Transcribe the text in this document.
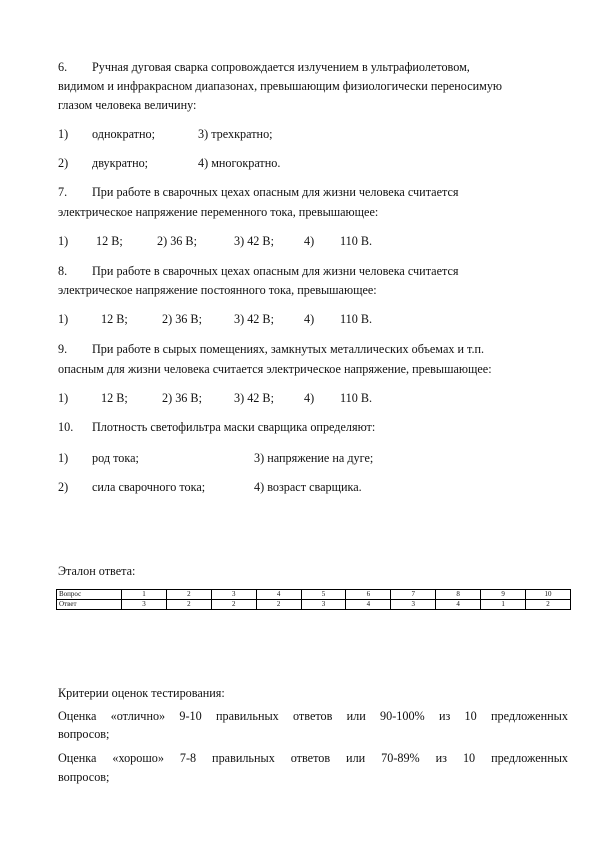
6. Ручная дуговая сварка сопровождается излучением в ультрафиолетовом,
видимом и инфракрасном диапазонах, превышающим физиологически переносимую
глазом человека величину:
1) однократно;	3) трехкратно;
2) двукратно;	4) многократно.
7. При работе в сварочных цехах опасным для жизни человека считается
электрическое напряжение переменного тока, превышающее:
1) 12 В;	2) 36 В;	3) 42 В; 4) 110 В.
8. При работе в сварочных цехах опасным для жизни человека считается
электрическое напряжение постоянного тока, превышающее:
1)	12 В;	2) 36 В;	3) 42 В; 4) 110 В.
9. При работе в сырых помещениях, замкнутых металлических объемах и т.п.
опасным для жизни человека считается электрическое напряжение, превышающее:
1)	12 В;	2) 36 В;	3) 42 В; 4) 110 В.
10. Плотность светофильтра маски сварщика определяют:
1) род тока;	3) напряжение на дуге;
2) сила сварочного тока;	4) возраст сварщика.
Эталон ответа:
Вопрос	1	2	3	4	5	6	7	8	9	10
Ответ	3	2	2	2	3	4	3	4	1	2
Критерии оценок тестирования:
Оценка «отлично» 9-10 правильных ответов или 90-100% из 10 предложенных
вопросов;
Оценка «хорошо» 7-8 правильных ответов или 70-89% из 10 предложенных
вопросов;
